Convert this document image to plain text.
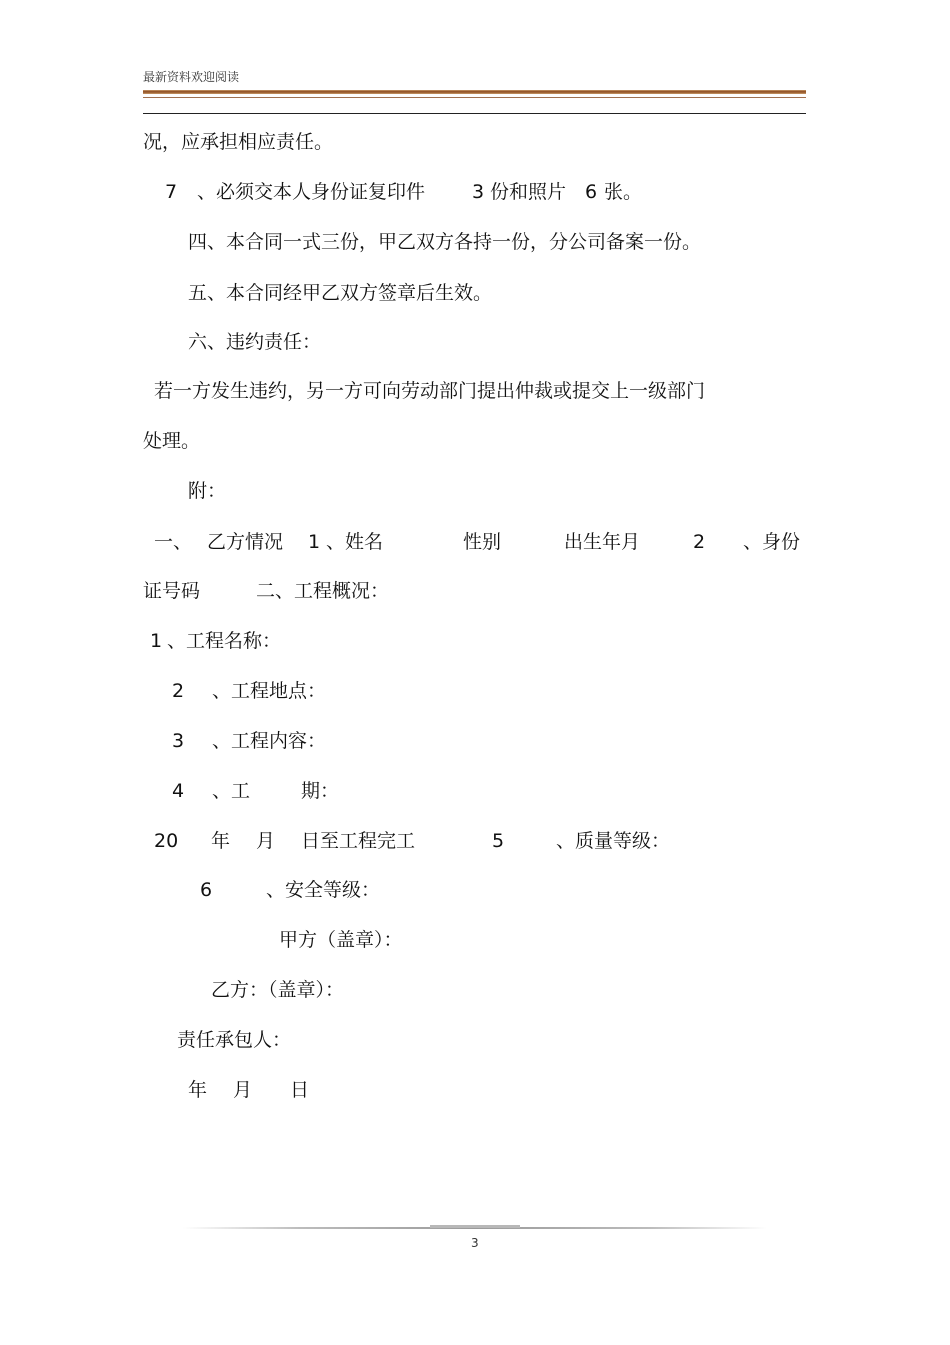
最新资料欢迎阅读
况，应承担相应责任。
7 、必须交本人身份证复印件 3 份和照片 6 张。
四、本合同一式三份，甲乙双方各持一份，分公司备案一份。
五、本合同经甲乙双方签章后生效。
六、违约责任：
若一方发生违约，另一方可向劳动部门提出仲裁或提交上一级部门
处理。
附：
一、 乙方情况 1 、姓名	性别	出生年月	2 、身份
证号码	二、工程概况：
1 、工程名称：
2 、工程地点：
3 、工程内容：
4 、工	期：
20 年 月 日至工程完工	5	、质量等级：
6	、安全等级：
甲方（盖章）：
乙方：（盖章）：
责任承包人：
年 月 日
3
